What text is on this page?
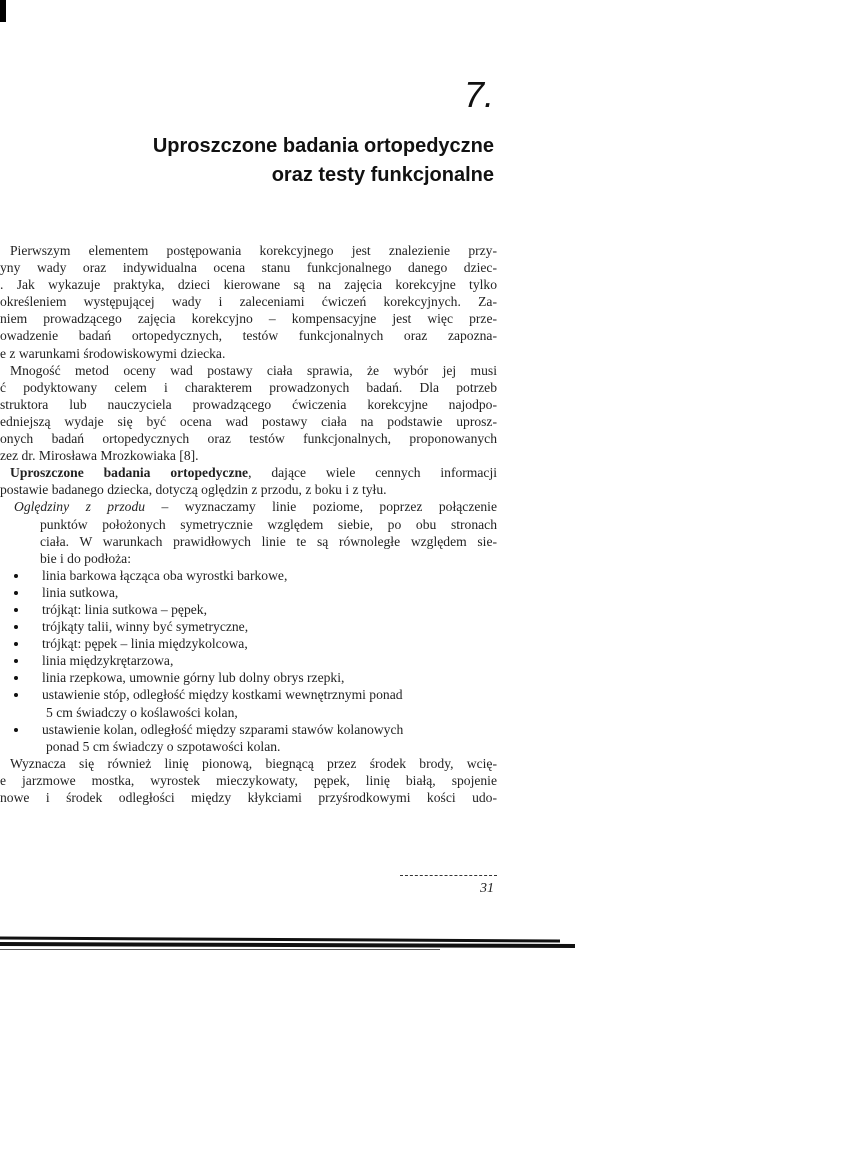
7.
Uproszczone badania ortopedyczne
oraz testy funkcjonalne
Pierwszym elementem postępowania korekcyjnego jest znalezienie przy-
yny wady oraz indywidualna ocena stanu funkcjonalnego danego dziec-
. Jak wykazuje praktyka, dzieci kierowane są na zajęcia korekcyjne tylko
określeniem występującej wady i zaleceniami ćwiczeń korekcyjnych. Za-
niem prowadzącego zajęcia korekcyjno – kompensacyjne jest więc prze-
owadzenie badań ortopedycznych, testów funkcjonalnych oraz zapozna-
e z warunkami środowiskowymi dziecka.
Mnogość metod oceny wad postawy ciała sprawia, że wybór jej musi
ć podyktowany celem i charakterem prowadzonych badań. Dla potrzeb
struktora lub nauczyciela prowadzącego ćwiczenia korekcyjne najodpo-
edniejszą wydaje się być ocena wad postawy ciała na podstawie uprosz-
onych badań ortopedycznych oraz testów funkcjonalnych, proponowanych
zez dr. Mirosława Mrozkowiaka [8].
Uproszczone badania ortopedyczne, dające wiele cennych informacji
postawie badanego dziecka, dotyczą oględzin z przodu, z boku i z tyłu.
Oględziny z przodu – wyznaczamy linie poziome, poprzez połączenie
punktów położonych symetrycznie względem siebie, po obu stronach
ciała. W warunkach prawidłowych linie te są równoległe względem sie-
bie i do podłoża:
linia barkowa łącząca oba wyrostki barkowe,
linia sutkowa,
trójkąt: linia sutkowa – pępek,
trójkąty talii, winny być symetryczne,
trójkąt: pępek – linia międzykolcowa,
linia międzykrętarzowa,
linia rzepkowa, umownie górny lub dolny obrys rzepki,
ustawienie stóp, odległość między kostkami wewnętrznymi ponad
5 cm świadczy o koślawości kolan,
ustawienie kolan, odległość między szparami stawów kolanowych
ponad 5 cm świadczy o szpotawości kolan.
Wyznacza się również linię pionową, biegnącą przez środek brody, wcię-
e jarzmowe mostka, wyrostek mieczykowaty, pępek, linię białą, spojenie
nowe i środek odległości między kłykciami przyśrodkowymi kości udo-
31
